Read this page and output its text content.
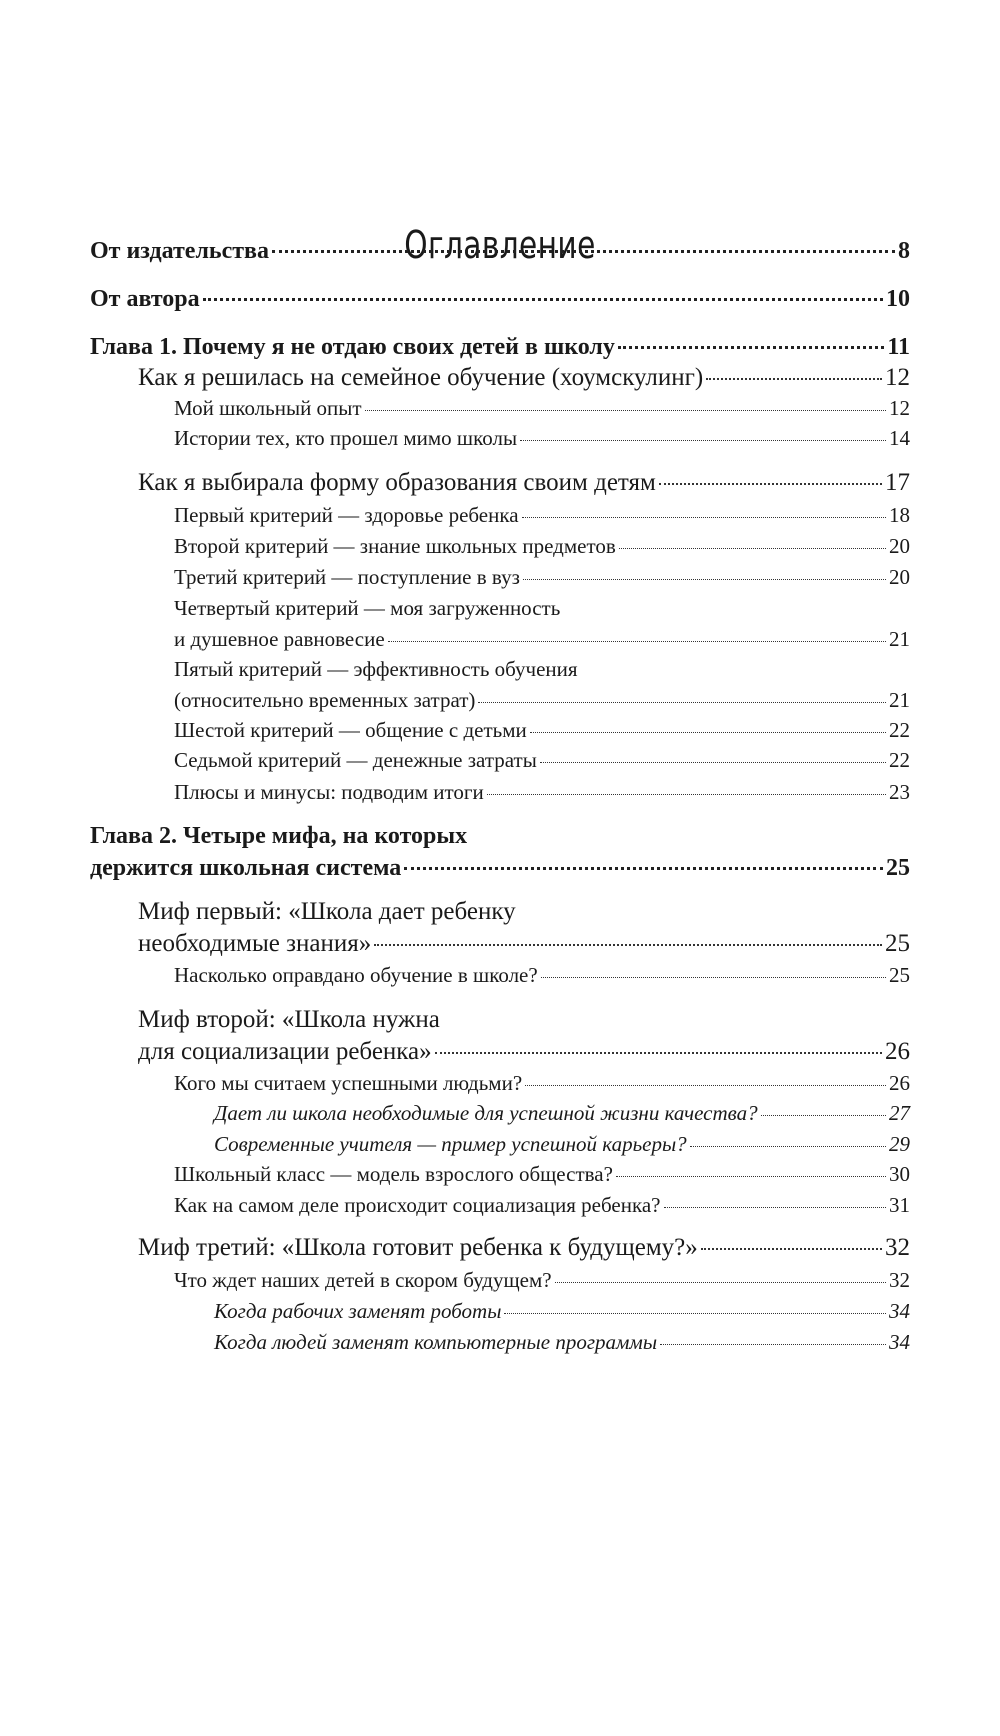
Оглавление
От издательства	8
От автора	10
Глава 1. Почему я не отдаю своих детей в школу	11
Как я решилась на семейное обучение (хоумскулинг)	12
Мой школьный опыт	12
Истории тех, кто прошел мимо школы	14
Как я выбирала форму образования своим детям	17
Первый критерий — здоровье ребенка	18
Второй критерий — знание школьных предметов	20
Третий критерий — поступление в вуз	20
Четвертый критерий — моя загруженность
и душевное равновесие	21
Пятый критерий — эффективность обучения
(относительно временных затрат)	21
Шестой критерий — общение с детьми	22
Седьмой критерий — денежные затраты	22
Плюсы и минусы: подводим итоги	23
Глава 2. Четыре мифа, на которых
держится школьная система	25
Миф первый: «Школа дает ребенку
необходимые знания»	25
Насколько оправдано обучение в школе?	25
Миф второй: «Школа нужна
для социализации ребенка»	26
Кого мы считаем успешными людьми?	26
Дает ли школа необходимые для успешной жизни качества?	27
Современные учителя — пример успешной карьеры?	29
Школьный класс — модель взрослого общества?	30
Как на самом деле происходит социализация ребенка?	31
Миф третий: «Школа готовит ребенка к будущему?»	32
Что ждет наших детей в скором будущем?	32
Когда рабочих заменят роботы	34
Когда людей заменят компьютерные программы	34
